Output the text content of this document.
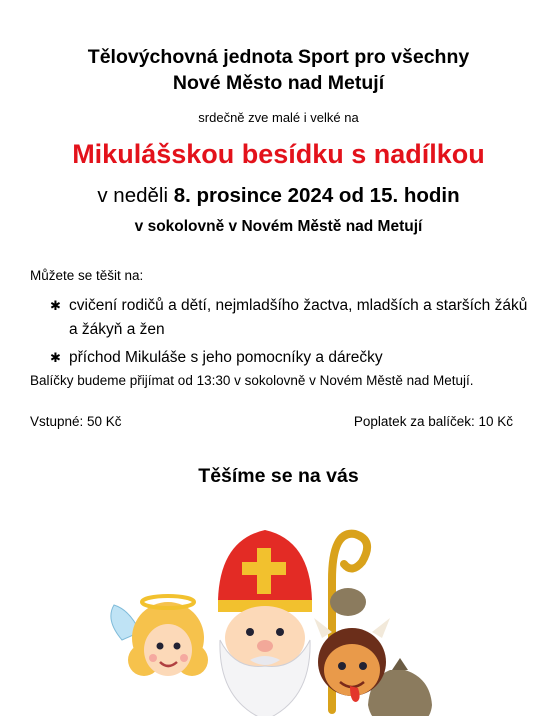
Tělovýchovná jednota Sport pro všechny
Nové Město nad Metují
srdečně zve malé i velké na
Mikulášskou besídku s nadílkou
v neděli 8. prosince 2024 od 15. hodin
v sokolovně v Novém Městě nad Metují
Můžete se těšit na:
✱ cvičení rodičů a dětí, nejmladšího žactva, mladších a starších žáků a žákyň a žen
✱ příchod Mikuláše s jeho pomocníky a dárečky
Balíčky budeme přijímat od 13:30 v sokolovně v Novém Městě nad Metují.
Vstupné: 50 Kč	Poplatek za balíček: 10 Kč
Těšíme se na vás
